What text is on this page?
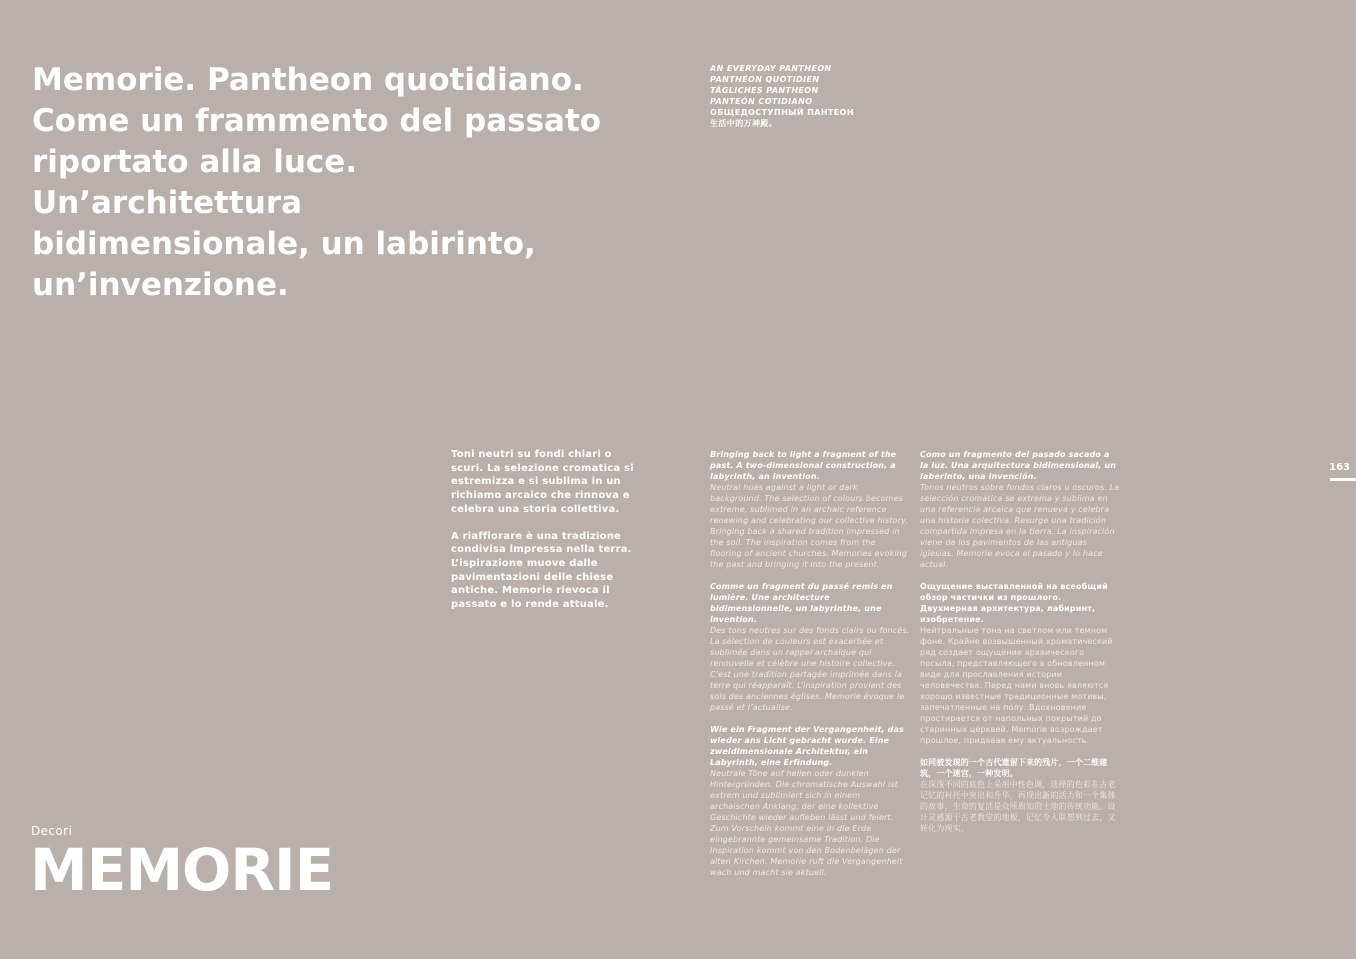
Memorie. Pantheon quotidiano.
Come un frammento del passato
riportato alla luce. Un’architettura
bidimensionale, un labirinto,
un’invenzione.
AN EVERYDAY PANTHEON
PANTHÉON QUOTIDIEN
TÄGLICHES PANTHEON
PANTEÓN COTIDIANO
ОБЩЕДОСТУПНЫЙ ПАНТЕОН
生活中的万神殿。

Toni neutri su fondi chiari o scuri. La selezione cromatica si estremizza e si sublima in un richiamo arcaico che rinnova e celebra una storia collettiva.

A riaffiorare è una tradizione condivisa impressa nella terra. L’ispirazione muove dalle pavimentazioni delle chiese antiche. Memorie rievoca il passato e lo rende attuale.

Bringing back to light a fragment of the past. A two-dimensional construction, a labyrinth, an invention.
Neutral hues against a light or dark background. The selection of colours becomes extreme, sublimed in an archaic reference renewing and celebrating our collective history. Bringing back a shared tradition impressed in the soil. The inspiration comes from the flooring of ancient churches. Memories evoking the past and bringing it into the present.
Comme un fragment du passé remis en lumière. Une architecture bidimensionnelle, un labyrinthe, une invention.
Des tons neutres sur des fonds clairs ou foncés. La sélection de couleurs est exacerbée et sublimée dans un rappel archaïque qui renouvelle et célèbre une histoire collective. C’est une tradition partagée imprimée dans la terre qui réapparaît. L’inspiration provient des sols des anciennes églises. Memorie évoque le passé et l’actualise.
Wie ein Fragment der Vergangenheit, das wieder ans Licht gebracht wurde. Eine zweidimensionale Architektur, ein Labyrinth, eine Erfindung.
Neutrale Töne auf hellen oder dunklen Hintergründen. Die chromatische Auswahl ist extrem und sublimiert sich in einem archaischen Anklang, der eine kollektive Geschichte wieder aufleben lässt und feiert. Zum Vorschein kommt eine in die Erde eingebrannte gemeinsame Tradition. Die Inspiration kommt von den Bodenbelägen der alten Kirchen. Memorie ruft die Vergangenheit wach und macht sie aktuell.
Como un fragmento del pasado sacado a la luz. Una arquitectura bidimensional, un laberinto, una invención.
Tonos neutros sobre fondos claros u oscuros. La selección cromática se extrema y sublima en una referencia arcaica que renueva y celebra una historia colectiva. Resurge una tradición compartida impresa en la tierra. La inspiración viene de los pavimentos de las antiguas iglesias. Memorie evoca el pasado y lo hace actual.
Ощущение выставленной на всеобщий обзор частички из прошлого. Двухмерная архитектура, лабиринт, изобретение.
Нейтральные тона на светлом или темном фоне. Крайне возвышенный хроматический ряд создает ощущение архаического посыла, представляющего в обновленном виде для прославления истории человечества. Перед нами вновь являются хорошо известные традиционные мотивы, запечатленные на полу. Вдохновение простирается от напольных покрытий до старинных церквей. Memorie возрождает прошлое, придавая ему актуальность.
如同被发现的一个古代遗留下来的残片，一个二维建筑，一个迷宫，一种发明。
在深浅不同的底色上采用中性色调，选择的色彩在古老记忆的衬托中突出和升华，再现出新的活力和一个集体的故事，生命的复活是众所周知的土地的传统功能。设计灵感源于古老教堂的地板，记忆令人联想到过去，又转化为现实。
163
Decori
MEMORIE
